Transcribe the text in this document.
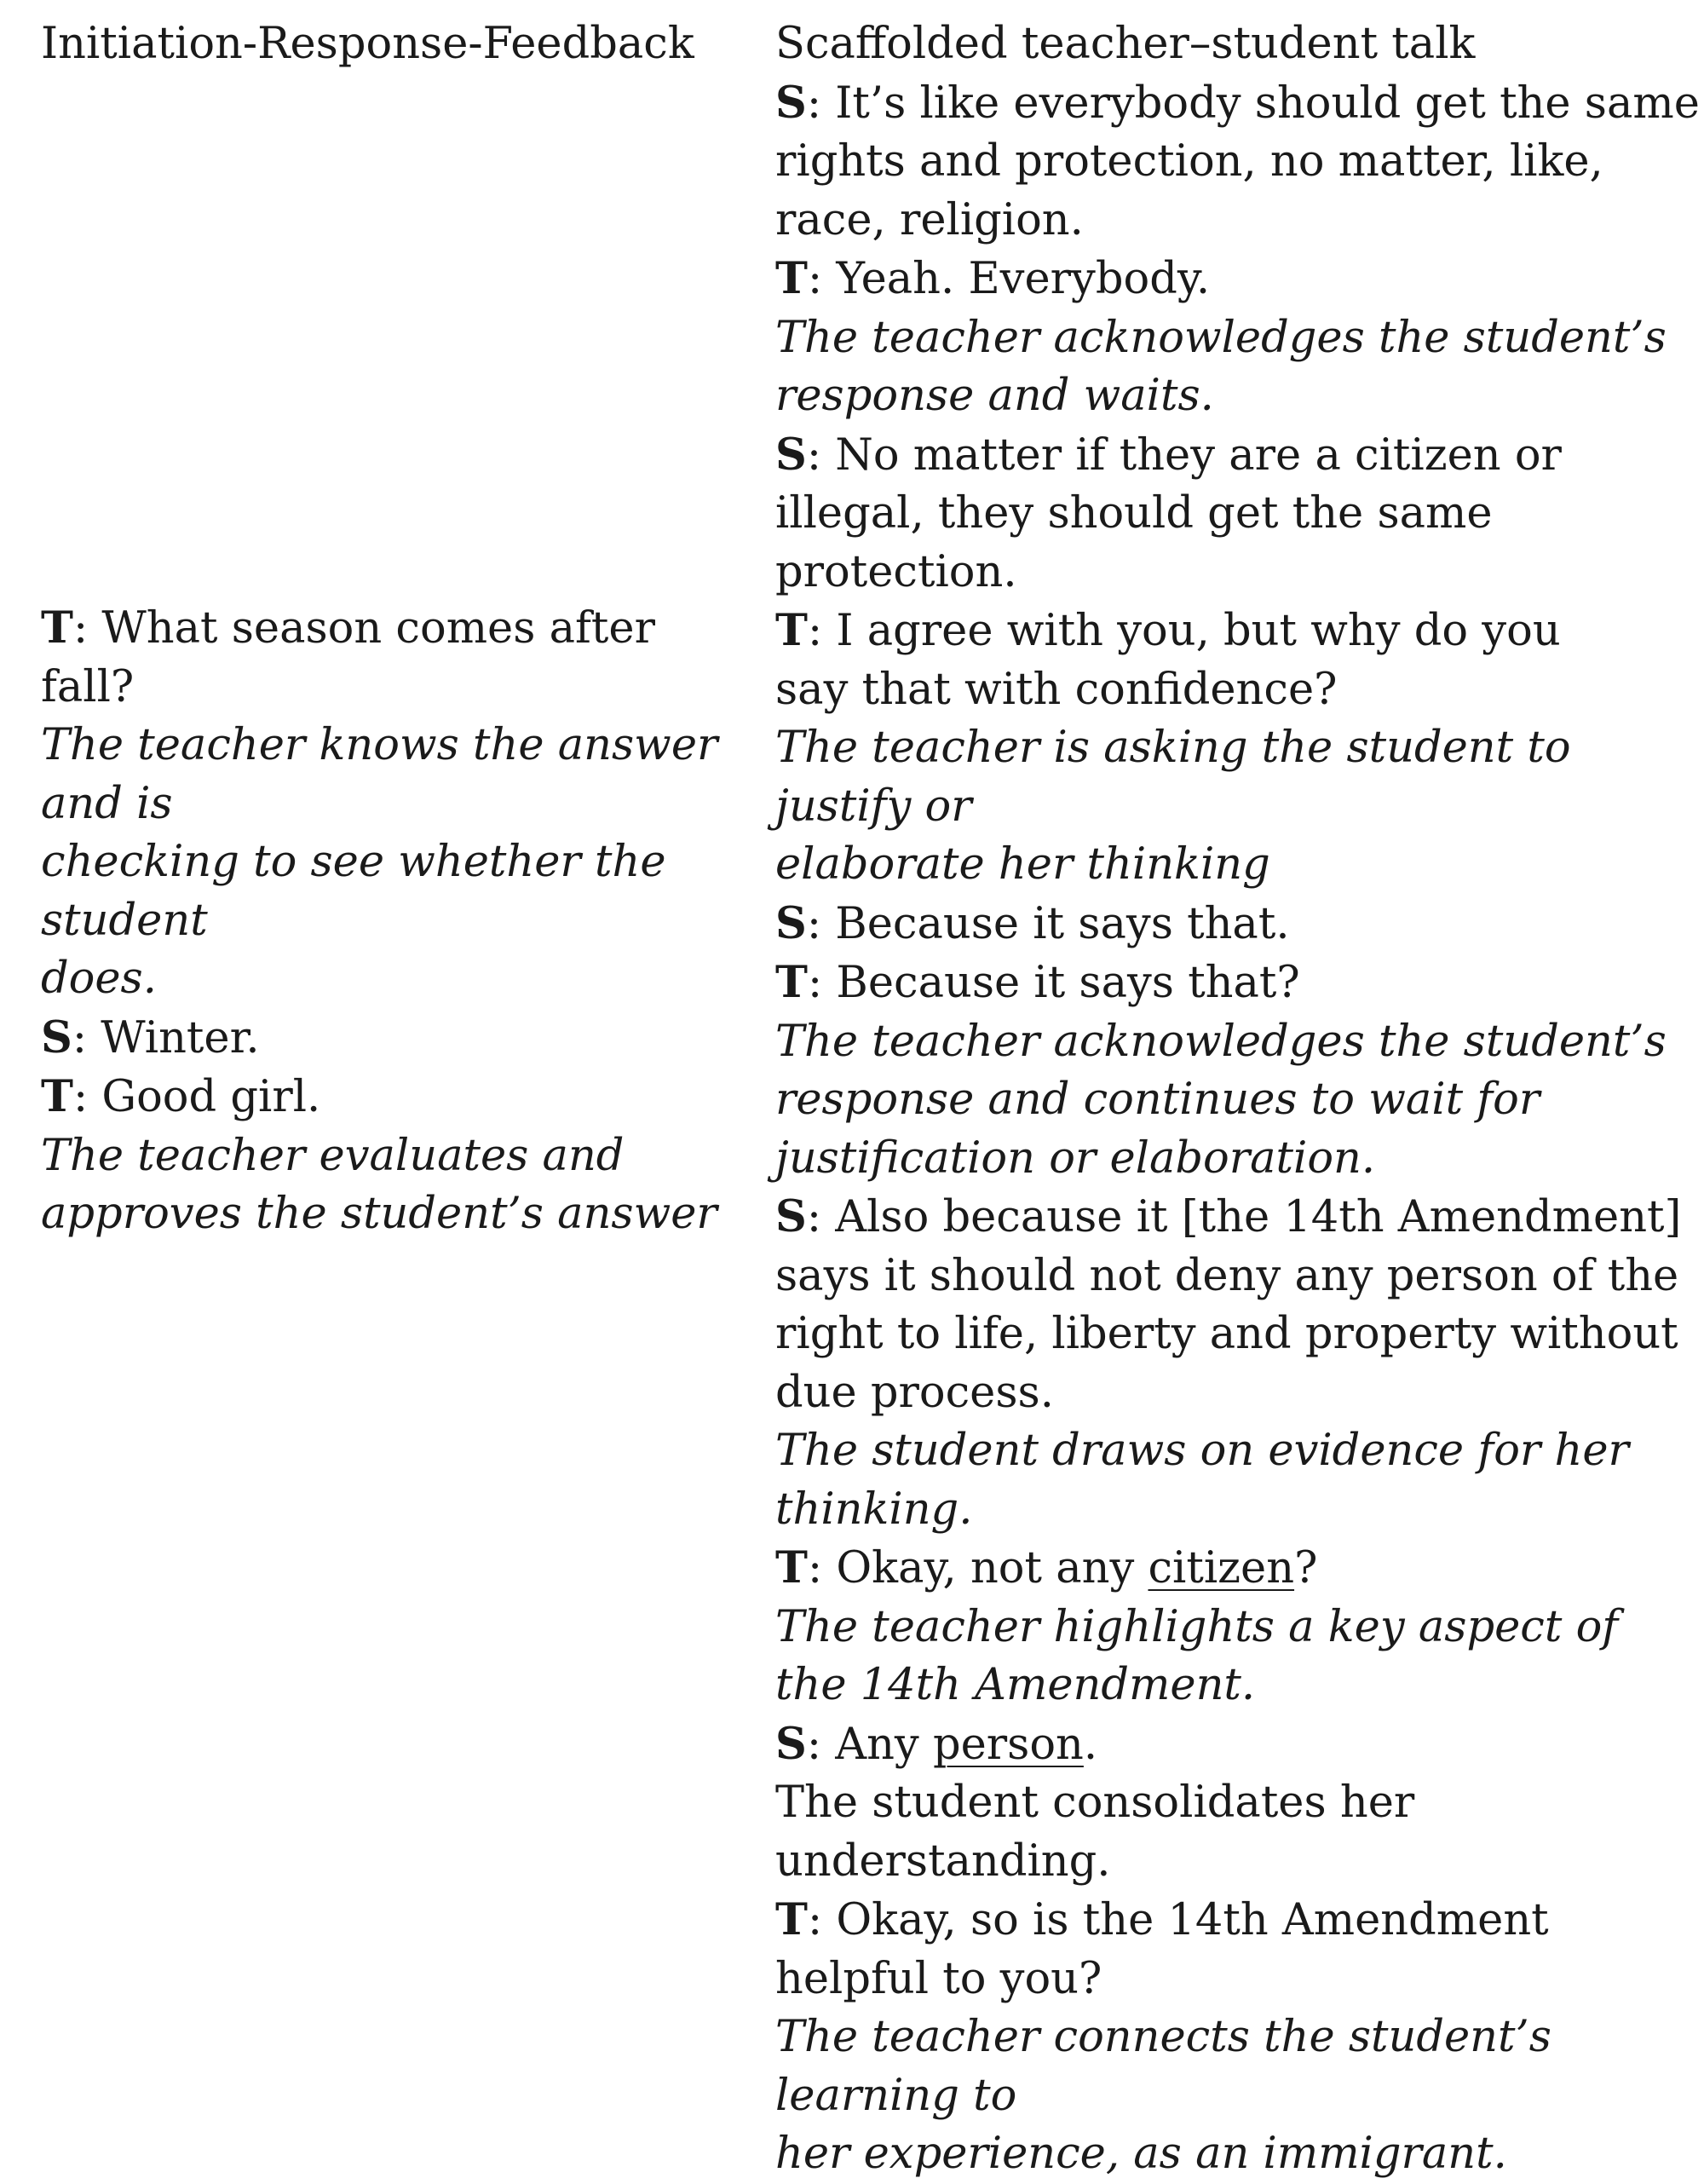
Initiation-Response-Feedback

T: What season comes after fall?
The teacher knows the answer and is
checking to see whether the student
does.
S: Winter.
T: Good girl.
The teacher evaluates and
approves the student’s answer
Scaffolded teacher–student talk
S: It’s like everybody should get the same
rights and protection, no matter, like,
race, religion.
T: Yeah. Everybody.
The teacher acknowledges the student’s
response and waits.
S: No matter if they are a citizen or
illegal, they should get the same
protection.
T: I agree with you, but why do you
say that with confidence?
The teacher is asking the student to justify or
elaborate her thinking
S: Because it says that.
T: Because it says that?
The teacher acknowledges the student’s
response and continues to wait for
justification or elaboration.
S: Also because it [the 14th Amendment]
says it should not deny any person of the
right to life, liberty and property without
due process.
The student draws on evidence for her
thinking.
T: Okay, not any citizen?
The teacher highlights a key aspect of
the 14th Amendment.
S: Any person.
The student consolidates her
understanding.
T: Okay, so is the 14th Amendment
helpful to you?
The teacher connects the student’s learning to
her experience, as an immigrant.
